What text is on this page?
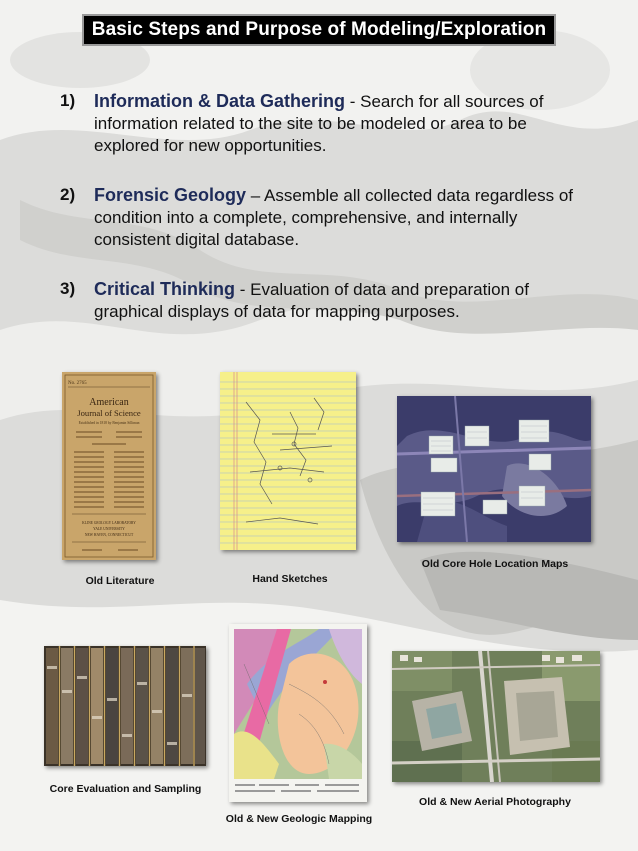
Basic Steps and Purpose of Modeling/Exploration
1) Information & Data Gathering - Search for all sources of information related to the site to be modeled or area to be explored for new opportunities.
2) Forensic Geology – Assemble all collected data regardless of condition into a complete, comprehensive, and internally consistent digital database.
3) Critical Thinking - Evaluation of data and preparation of graphical displays of data for mapping purposes.
No. 2765
American
Journal of Science
Established in 1818 by Benjamin Silliman
KLINE GEOLOGY LABORATORY
YALE UNIVERSITY
NEW HAVEN, CONNECTICUT
Old Literature	Hand Sketches
Old Core Hole Location Maps
Core Evaluation and Sampling
Old & New Geologic Mapping
Old & New Aerial Photography
